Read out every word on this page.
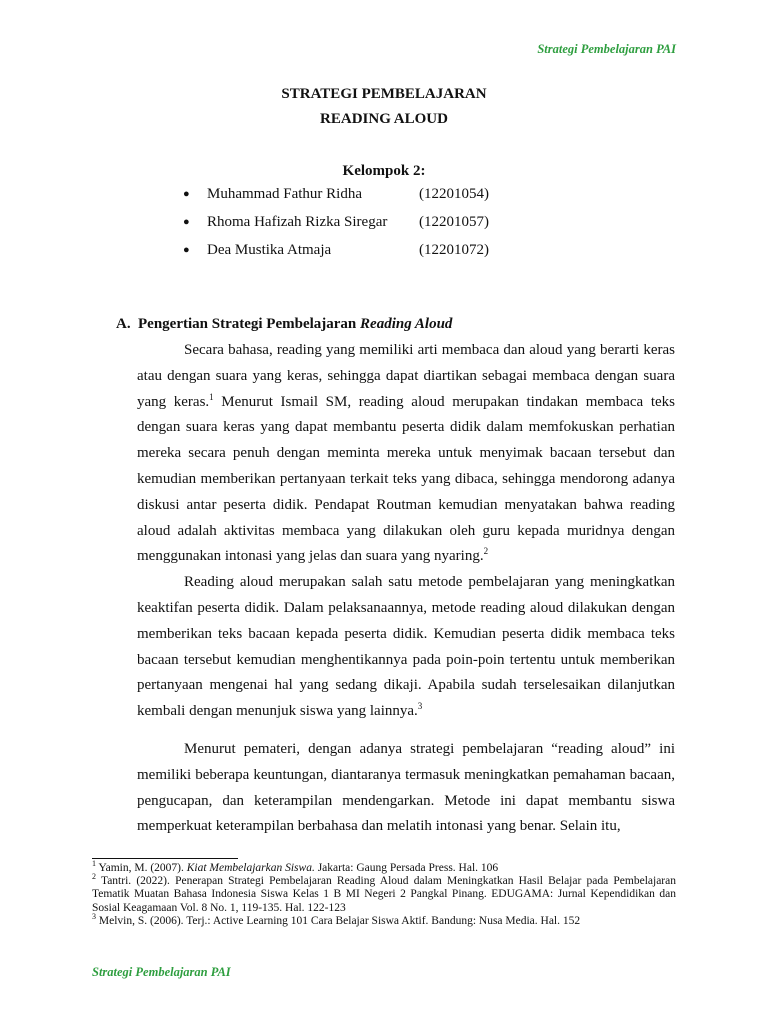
Strategi Pembelajaran PAI
STRATEGI PEMBELAJARAN
READING ALOUD
Kelompok 2:
● Muhammad Fathur Ridha	(12201054)
● Rhoma Hafizah Rizka Siregar (12201057)
● Dea Mustika Atmaja	(12201072)
A. Pengertian Strategi Pembelajaran Reading Aloud

Secara bahasa, reading yang memiliki arti membaca dan aloud yang berarti keras atau dengan suara yang keras, sehingga dapat diartikan sebagai membaca dengan suara yang keras.$^1$ Menurut Ismail SM, reading aloud merupakan tindakan membaca teks dengan suara keras yang dapat membantu peserta didik dalam memfokuskan perhatian mereka secara penuh dengan meminta mereka untuk menyimak bacaan tersebut dan kemudian memberikan pertanyaan terkait teks yang dibaca, sehingga mendorong adanya diskusi antar peserta didik. Pendapat Routman kemudian menyatakan bahwa reading aloud adalah aktivitas membaca yang dilakukan oleh guru kepada muridnya dengan menggunakan intonasi yang jelas dan suara yang nyaring.$^2$

Reading aloud merupakan salah satu metode pembelajaran yang meningkatkan keaktifan peserta didik. Dalam pelaksanaannya, metode reading aloud dilakukan dengan memberikan teks bacaan kepada peserta didik. Kemudian peserta didik membaca teks bacaan tersebut kemudian menghentikannya pada poin-poin tertentu untuk memberikan pertanyaan mengenai hal yang sedang dikaji. Apabila sudah terselesaikan dilanjutkan kembali dengan menunjuk siswa yang lainnya.$^3$

Menurut pemateri, dengan adanya strategi pembelajaran “reading aloud” ini memiliki beberapa keuntungan, diantaranya termasuk meningkatkan pemahaman bacaan, pengucapan, dan keterampilan mendengarkan. Metode ini dapat membantu siswa memperkuat keterampilan berbahasa dan melatih intonasi yang benar. Selain itu,

$^1$ Yamin, M. (2007). Kiat Membelajarkan Siswa. Jakarta: Gaung Persada Press. Hal. 106

$^2$ Tantri. (2022). Penerapan Strategi Pembelajaran Reading Aloud dalam Meningkatkan Hasil Belajar pada Pembelajaran Tematik Muatan Bahasa Indonesia Siswa Kelas 1 B MI Negeri 2 Pangkal Pinang. EDUGAMA: Jurnal Kependidikan dan Sosial Keagamaan Vol. 8 No. 1, 119-135. Hal. 122-123

$^3$ Melvin, S. (2006). Terj.: Active Learning 101 Cara Belajar Siswa Aktif. Bandung: Nusa Media. Hal. 152

Strategi Pembelajaran PAI
